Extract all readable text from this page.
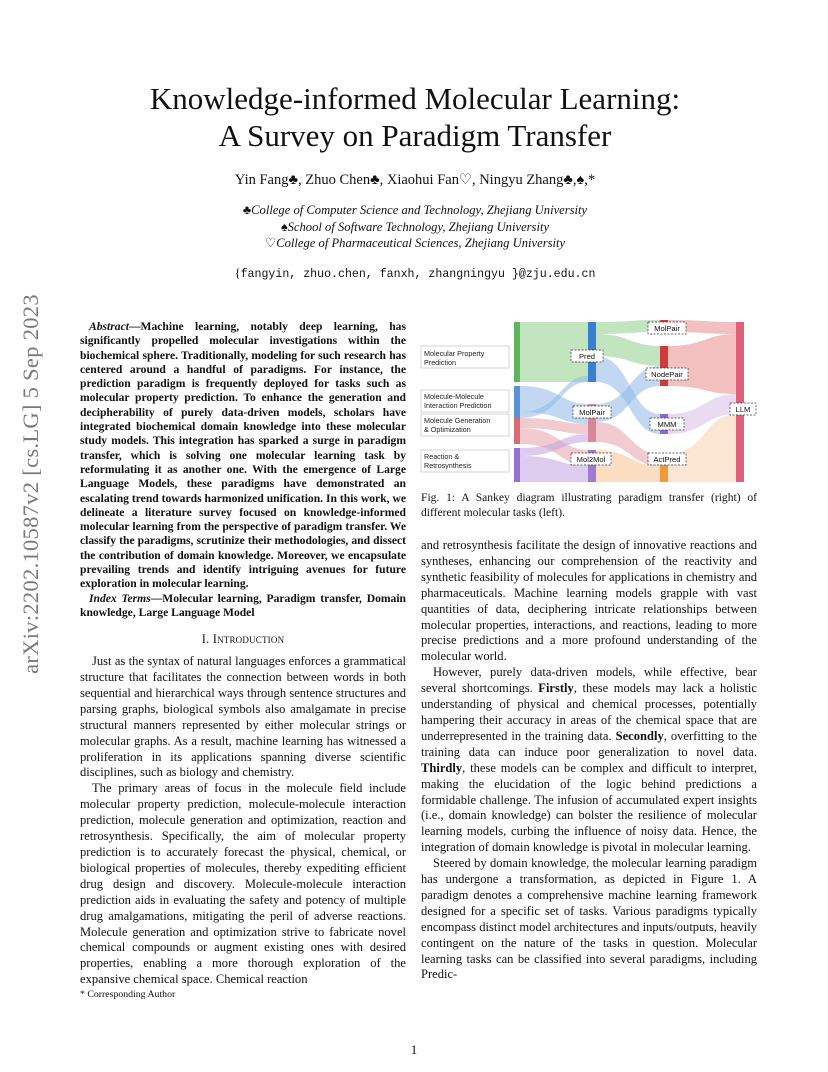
arXiv:2202.10587v2 [cs.LG] 5 Sep 2023
Knowledge-informed Molecular Learning:
A Survey on Paradigm Transfer
Yin Fang♣, Zhuo Chen♣, Xiaohui Fan♡, Ningyu Zhang♣,♠,*
♣College of Computer Science and Technology, Zhejiang University
♠School of Software Technology, Zhejiang University
♡College of Pharmaceutical Sciences, Zhejiang University
{fangyin, zhuo.chen, fanxh, zhangningyu }@zju.edu.cn

Abstract—Machine learning, notably deep learning, has significantly propelled molecular investigations within the biochemical sphere. Traditionally, modeling for such research has centered around a handful of paradigms. For instance, the prediction paradigm is frequently deployed for tasks such as molecular property prediction. To enhance the generation and decipherability of purely data-driven models, scholars have integrated biochemical domain knowledge into these molecular study models. This integration has sparked a surge in paradigm transfer, which is solving one molecular learning task by reformulating it as another one. With the emergence of Large Language Models, these paradigms have demonstrated an escalating trend towards harmonized unification. In this work, we delineate a literature survey focused on knowledge-informed molecular learning from the perspective of paradigm transfer. We classify the paradigms, scrutinize their methodologies, and dissect the contribution of domain knowledge. Moreover, we encapsulate prevailing trends and identify intriguing avenues for future exploration in molecular learning.

Index Terms—Molecular learning, Paradigm transfer, Domain knowledge, Large Language Model

I. Introduction

Just as the syntax of natural languages enforces a grammatical structure that facilitates the connection between words in both sequential and hierarchical ways through sentence structures and parsing graphs, biological symbols also amalgamate in precise structural manners represented by either molecular strings or molecular graphs. As a result, machine learning has witnessed a proliferation in its applications spanning diverse scientific disciplines, such as biology and chemistry.

The primary areas of focus in the molecule field include molecular property prediction, molecule-molecule interaction prediction, molecule generation and optimization, reaction and retrosynthesis. Specifically, the aim of molecular property prediction is to accurately forecast the physical, chemical, or biological properties of molecules, thereby expediting efficient drug design and discovery. Molecule-molecule interaction prediction aids in evaluating the safety and potency of multiple drug amalgamations, mitigating the peril of adverse reactions. Molecule generation and optimization strive to fabricate novel chemical compounds or augment existing ones with desired properties, enabling a more thorough exploration of the expansive chemical space. Chemical reaction

* Corresponding Author
Molecular Property
Prediction
Molecule-Molecule
Interaction Prediction
Molecule Generation
& Optimization
Reaction &
Retrosynthesis
Pred
MolPair
Mol2Mol
MolPair
NodePair
MMM
ActPred
LLM
Fig. 1: A Sankey diagram illustrating paradigm transfer (right) of different molecular tasks (left).

and retrosynthesis facilitate the design of innovative reactions and syntheses, enhancing our comprehension of the reactivity and synthetic feasibility of molecules for applications in chemistry and pharmaceuticals. Machine learning models grapple with vast quantities of data, deciphering intricate relationships between molecular properties, interactions, and reactions, leading to more precise predictions and a more profound understanding of the molecular world.

However, purely data-driven models, while effective, bear several shortcomings. Firstly, these models may lack a holistic understanding of physical and chemical processes, potentially hampering their accuracy in areas of the chemical space that are underrepresented in the training data. Secondly, overfitting to the training data can induce poor generalization to novel data. Thirdly, these models can be complex and difficult to interpret, making the elucidation of the logic behind predictions a formidable challenge. The infusion of accumulated expert insights (i.e., domain knowledge) can bolster the resilience of molecular learning models, curbing the influence of noisy data. Hence, the integration of domain knowledge is pivotal in molecular learning.

Steered by domain knowledge, the molecular learning paradigm has undergone a transformation, as depicted in Figure 1. A paradigm denotes a comprehensive machine learning framework designed for a specific set of tasks. Various paradigms typically encompass distinct model architectures and inputs/outputs, heavily contingent on the nature of the tasks in question. Molecular learning tasks can be classified into several paradigms, including Predic-

1
